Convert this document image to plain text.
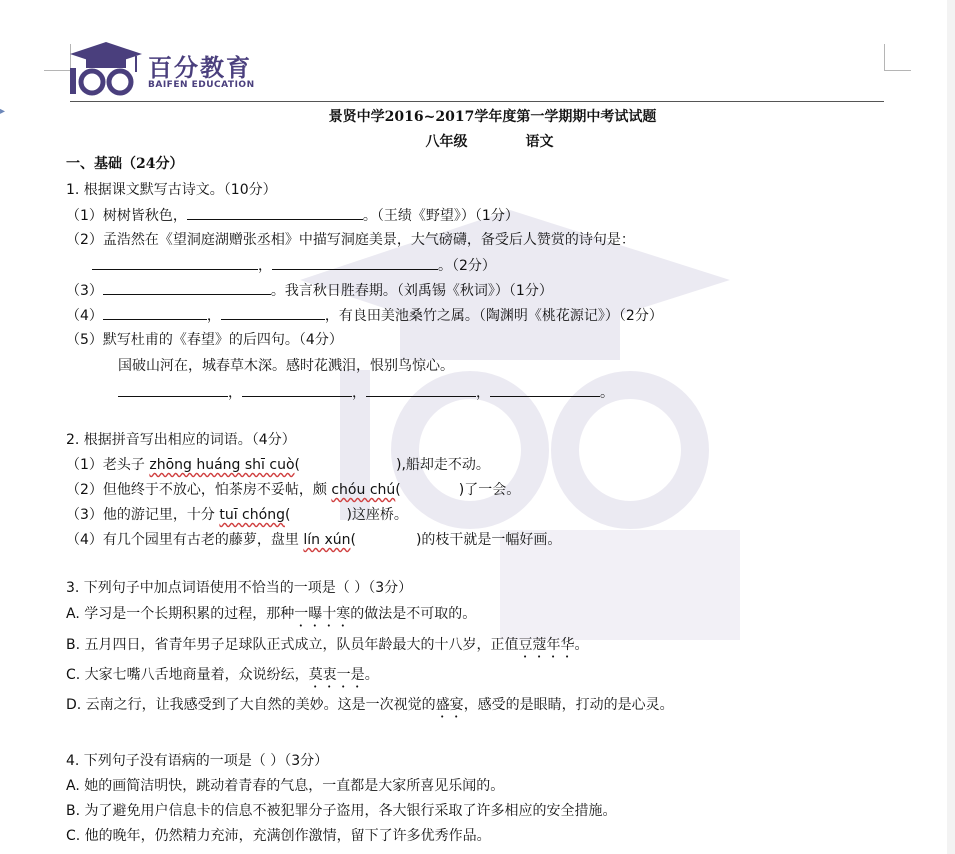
▸
百分教育
BAIFEN EDUCATION
景贤中学2016~2017学年度第一学期期中考试试题
八年级	语文
一、基础（24分）
1. 根据课文默写古诗文。（10分）
（1）树树皆秋色，	。（王绩《野望》）（1分）
（2）孟浩然在《望洞庭湖赠张丞相》中描写洞庭美景，大气磅礴，备受后人赞赏的诗句是：
，	。（2分）
（3）	。我言秋日胜春期。（刘禹锡《秋词》）（1分）
（4）	，	，有良田美池桑竹之属。（陶渊明《桃花源记》）（2分）
（5）默写杜甫的《春望》的后四句。（4分）
国破山河在，城春草木深。感时花溅泪，恨别鸟惊心。
，	，	，	。
2. 根据拼音写出相应的词语。（4分）
（1）老头子 zhōng huáng shī cuò(	),船却走不动。
（2）但他终于不放心，怕茶房不妥帖，颇 chóu chú(	)了一会。
（3）他的游记里，十分 tuī chóng(	)这座桥。
（4）有几个园里有古老的藤萝，盘里 lín xún(	)的枝干就是一幅好画。
3. 下列句子中加点词语使用不恰当的一项是（ ）（3分）
A. 学习是一个长期积累的过程，那种一曝十寒的做法是不可取的。
B. 五月四日，省青年男子足球队正式成立，队员年龄最大的十八岁，正值豆蔻年华。
C. 大家七嘴八舌地商量着，众说纷纭，莫衷一是。
D. 云南之行，让我感受到了大自然的美妙。这是一次视觉的盛宴，感受的是眼睛，打动的是心灵。
4. 下列句子没有语病的一项是（ ）（3分）
A. 她的画简洁明快，跳动着青春的气息，一直都是大家所喜见乐闻的。
B. 为了避免用户信息卡的信息不被犯罪分子盗用，各大银行采取了许多相应的安全措施。
C. 他的晚年，仍然精力充沛，充满创作激情，留下了许多优秀作品。
